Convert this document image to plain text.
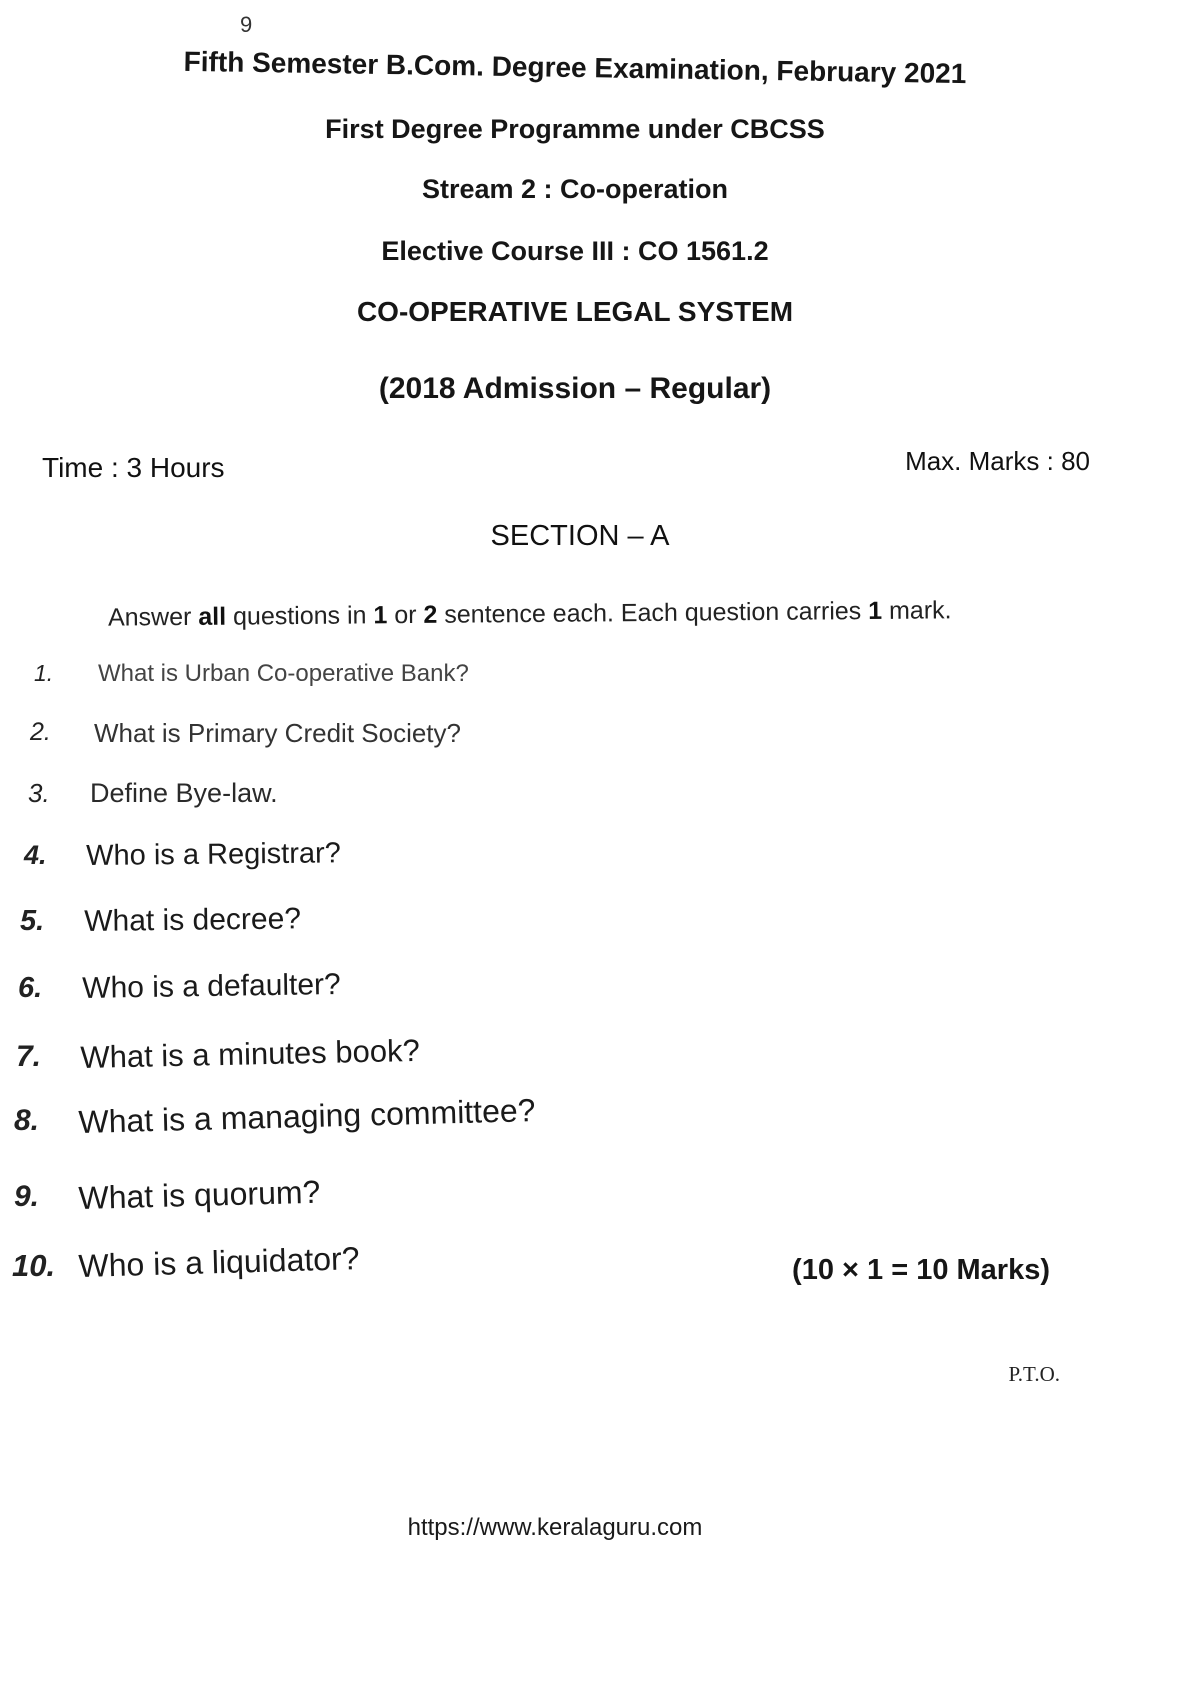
9
Fifth Semester B.Com. Degree Examination, February 2021
First Degree Programme under CBCSS
Stream 2 : Co-operation
Elective Course III : CO 1561.2
CO-OPERATIVE LEGAL SYSTEM
(2018 Admission – Regular)
Time : 3 Hours	Max. Marks : 80
SECTION – A
Answer all questions in 1 or 2 sentence each. Each question carries 1 mark.
1. What is Urban Co-operative Bank?
2. What is Primary Credit Society?
3. Define Bye-law.
4. Who is a Registrar?
5. What is decree?
6. Who is a defaulter?
7. What is a minutes book?
8. What is a managing committee?
9. What is quorum?
10. Who is a liquidator?	(10 × 1 = 10 Marks)
P.T.O.
https://www.keralaguru.com
